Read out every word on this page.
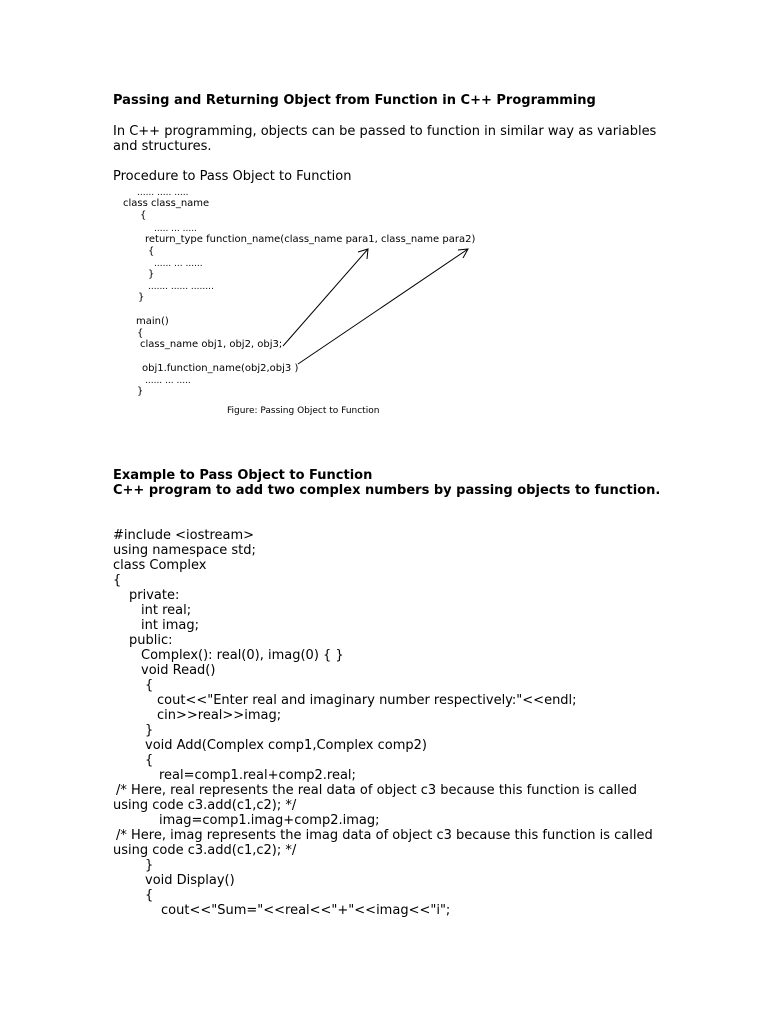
Passing and Returning Object from Function in C++ Programming
In C++ programming, objects can be passed to function in similar way as variables
and structures.
Procedure to Pass Object to Function
...... ..... .....
class class_name
{
..... ... .....
return_type function_name(class_name para1, class_name para2)
{
...... ... ......
}
....... ...... ........
}
main()
{
class_name obj1, obj2, obj3;
obj1.function_name(obj2,obj3 )
...... ... .....
}
Figure: Passing Object to Function
Example to Pass Object to Function
C++ program to add two complex numbers by passing objects to function.
#include <iostream>
using namespace std;
class Complex
{
private:
int real;
int imag;
public:
Complex(): real(0), imag(0) { }
void Read()
{
cout<<"Enter real and imaginary number respectively:"<<endl;
cin>>real>>imag;
}
void Add(Complex comp1,Complex comp2)
{
real=comp1.real+comp2.real;
/* Here, real represents the real data of object c3 because this function is called
using code c3.add(c1,c2); */
imag=comp1.imag+comp2.imag;
/* Here, imag represents the imag data of object c3 because this function is called
using code c3.add(c1,c2); */
}
void Display()
{
cout<<"Sum="<<real<<"+"<<imag<<"i";
